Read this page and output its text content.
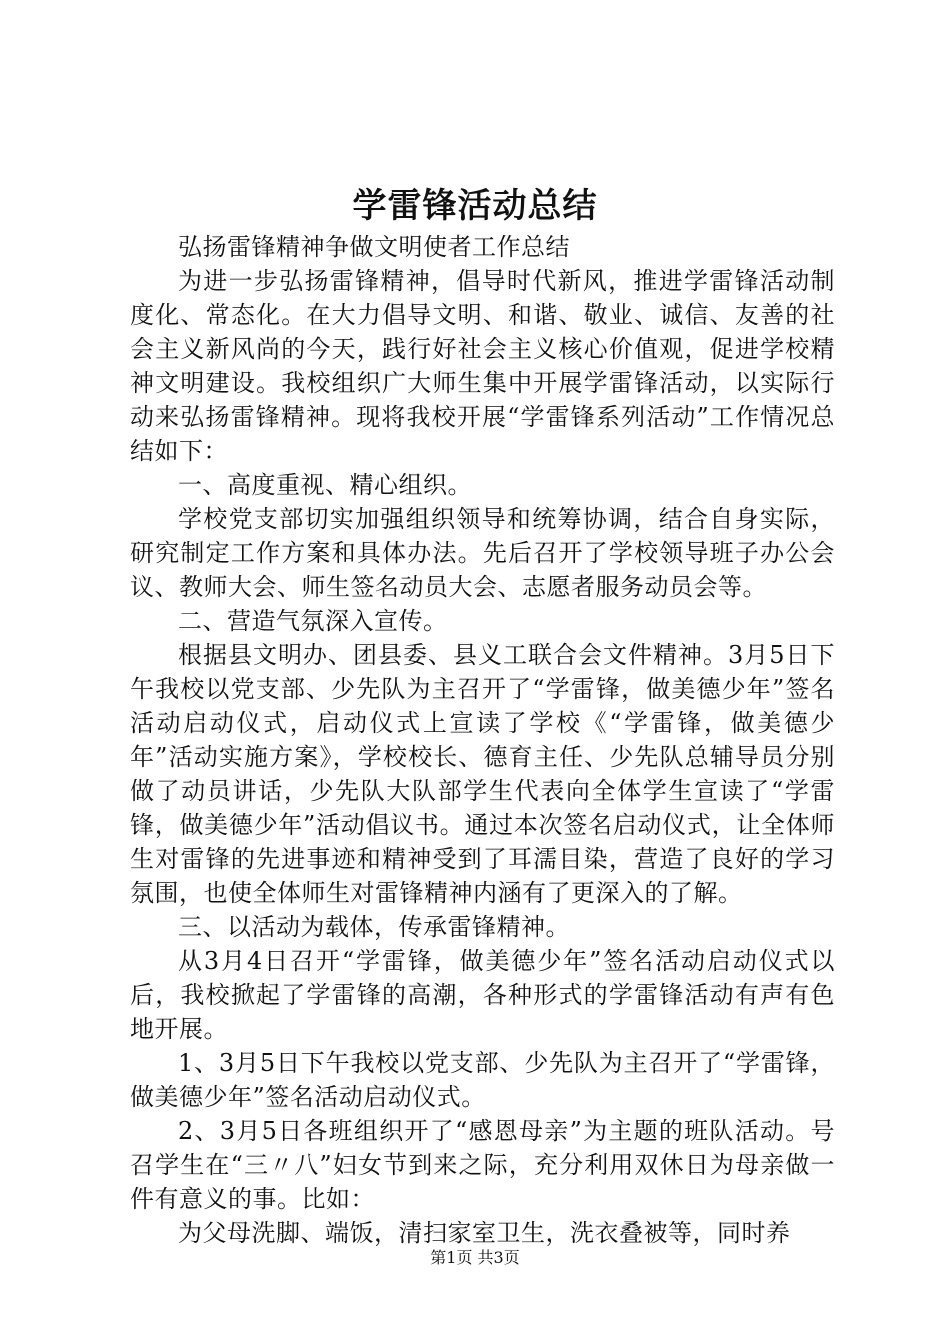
学雷锋活动总结

弘扬雷锋精神争做文明使者工作总结

为进一步弘扬雷锋精神，倡导时代新风，推进学雷锋活动制度化、常态化。在大力倡导文明、和谐、敬业、诚信、友善的社会主义新风尚的今天，践行好社会主义核心价值观，促进学校精神文明建设。我校组织广大师生集中开展学雷锋活动，以实际行动来弘扬雷锋精神。现将我校开展“学雷锋系列活动”工作情况总结如下：

一、高度重视、精心组织。

学校党支部切实加强组织领导和统筹协调，结合自身实际，研究制定工作方案和具体办法。先后召开了学校领导班子办公会议、教师大会、师生签名动员大会、志愿者服务动员会等。

二、营造气氛深入宣传。

根据县文明办、团县委、县义工联合会文件精神。3月5日下午我校以党支部、少先队为主召开了“学雷锋，做美德少年”签名活动启动仪式，启动仪式上宣读了学校《“学雷锋，做美德少年”活动实施方案》，学校校长、德育主任、少先队总辅导员分别做了动员讲话，少先队大队部学生代表向全体学生宣读了“学雷锋，做美德少年”活动倡议书。通过本次签名启动仪式，让全体师生对雷锋的先进事迹和精神受到了耳濡目染，营造了良好的学习氛围，也使全体师生对雷锋精神内涵有了更深入的了解。

三、以活动为载体，传承雷锋精神。

从3月4日召开“学雷锋，做美德少年”签名活动启动仪式以后，我校掀起了学雷锋的高潮，各种形式的学雷锋活动有声有色地开展。

1、3月5日下午我校以党支部、少先队为主召开了“学雷锋，做美德少年”签名活动启动仪式。

2、3月5日各班组织开了“感恩母亲”为主题的班队活动。号召学生在“三〃八”妇女节到来之际，充分利用双休日为母亲做一件有意义的事。比如：

为父母洗脚、端饭，清扫家室卫生，洗衣叠被等，同时养

第1页 共3页
